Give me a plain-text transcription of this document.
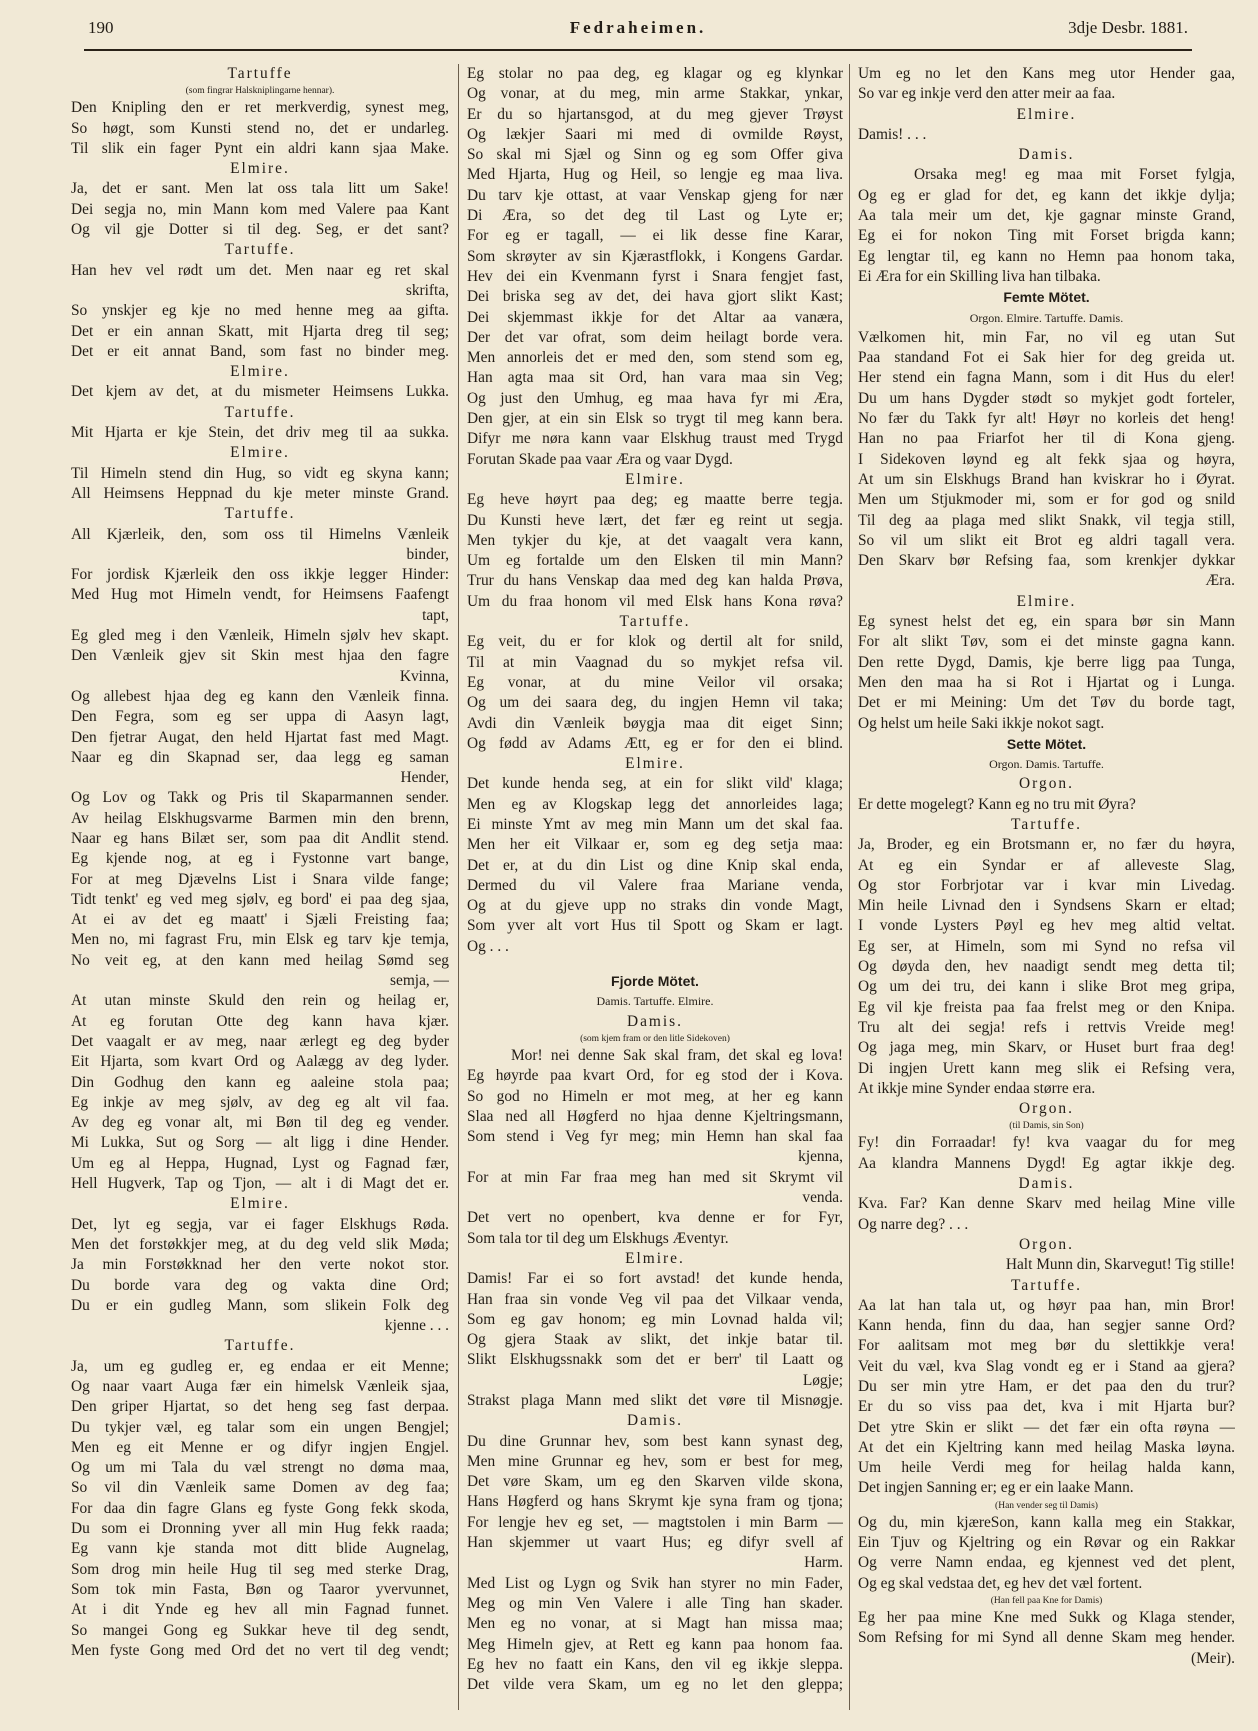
190	Fedraheimen.	3dje Desbr. 1881.
Tartuffe
(som fingrar Halskniplingarne hennar).
Den Knipling den er ret merkverdig, synest meg,
So høgt, som Kunsti stend no, det er undarleg.
Til slik ein fager Pynt ein aldri kann sjaa Make.
Elmire.
Ja, det er sant. Men lat oss tala litt um Sake!
Dei segja no, min Mann kom med Valere paa Kant
Og vil gje Dotter si til deg. Seg, er det sant?
Tartuffe.
Han hev vel rødt um det. Men naar eg ret skal
skrifta,
So ynskjer eg kje no med henne meg aa gifta.
Det er ein annan Skatt, mit Hjarta dreg til seg;
Det er eit annat Band, som fast no binder meg.
Elmire.
Det kjem av det, at du mismeter Heimsens Lukka.
Tartuffe.
Mit Hjarta er kje Stein, det driv meg til aa sukka.
Elmire.
Til Himeln stend din Hug, so vidt eg skyna kann;
All Heimsens Heppnad du kje meter minste Grand.
Tartuffe.
All Kjærleik, den, som oss til Himelns Vænleik
binder,
For jordisk Kjærleik den oss ikkje legger Hinder:
Med Hug mot Himeln vendt, for Heimsens Faafengt
tapt,
Eg gled meg i den Vænleik, Himeln sjølv hev skapt.
Den Vænleik gjev sit Skin mest hjaa den fagre
Kvinna,
Og allebest hjaa deg eg kann den Vænleik finna.
Den Fegra, som eg ser uppa di Aasyn lagt,
Den fjetrar Augat, den held Hjartat fast med Magt.
Naar eg din Skapnad ser, daa legg eg saman
Hender,
Og Lov og Takk og Pris til Skaparmannen sender.
Av heilag Elskhugsvarme Barmen min den brenn,
Naar eg hans Bilæt ser, som paa dit Andlit stend.
Eg kjende nog, at eg i Fystonne vart bange,
For at meg Djævelns List i Snara vilde fange;
Tidt tenkt' eg ved meg sjølv, eg bord' ei paa deg sjaa,
At ei av det eg maatt' i Sjæli Freisting faa;
Men no, mi fagrast Fru, min Elsk eg tarv kje temja,
No veit eg, at den kann med heilag Sømd seg
semja, —
At utan minste Skuld den rein og heilag er,
At eg forutan Otte deg kann hava kjær.
Det vaagalt er av meg, naar ærlegt eg deg byder
Eit Hjarta, som kvart Ord og Aalægg av deg lyder.
Din Godhug den kann eg aaleine stola paa;
Eg inkje av meg sjølv, av deg eg alt vil faa.
Av deg eg vonar alt, mi Bøn til deg eg vender.
Mi Lukka, Sut og Sorg — alt ligg i dine Hender.
Um eg al Heppa, Hugnad, Lyst og Fagnad fær,
Hell Hugverk, Tap og Tjon, — alt i di Magt det er.
Elmire.
Det, lyt eg segja, var ei fager Elskhugs Røda.
Men det forstøkkjer meg, at du deg veld slik Møda;
Ja min Forstøkknad her den verte nokot stor.
Du borde vara deg og vakta dine Ord;
Du er ein gudleg Mann, som slikein Folk deg
kjenne . . .
Tartuffe.
Ja, um eg gudleg er, eg endaa er eit Menne;
Og naar vaart Auga fær ein himelsk Vænleik sjaa,
Den griper Hjartat, so det heng seg fast derpaa.
Du tykjer væl, eg talar som ein ungen Bengjel;
Men eg eit Menne er og difyr ingjen Engjel.
Og um mi Tala du væl strengt no døma maa,
So vil din Vænleik same Domen av deg faa;
For daa din fagre Glans eg fyste Gong fekk skoda,
Du som ei Dronning yver all min Hug fekk raada;
Eg vann kje standa mot ditt blide Augnelag,
Som drog min heile Hug til seg med sterke Drag,
Som tok min Fasta, Bøn og Taaror yvervunnet,
At i dit Ynde eg hev all min Fagnad funnet.
So mangei Gong eg Sukkar heve til deg sendt,
Men fyste Gong med Ord det no vert til deg vendt;
Eg stolar no paa deg, eg klagar og eg klynkar
Og vonar, at du meg, min arme Stakkar, ynkar,
Er du so hjartansgod, at du meg gjever Trøyst
Og lækjer Saari mi med di ovmilde Røyst,
So skal mi Sjæl og Sinn og eg som Offer giva
Med Hjarta, Hug og Heil, so lengje eg maa liva.
Du tarv kje ottast, at vaar Venskap gjeng for nær
Di Æra, so det deg til Last og Lyte er;
For eg er tagall, — ei lik desse fine Karar,
Som skrøyter av sin Kjærastflokk, i Kongens Gardar.
Hev dei ein Kvenmann fyrst i Snara fengjet fast,
Dei briska seg av det, dei hava gjort slikt Kast;
Dei skjemmast ikkje for det Altar aa vanæra,
Der det var ofrat, som deim heilagt borde vera.
Men annorleis det er med den, som stend som eg,
Han agta maa sit Ord, han vara maa sin Veg;
Og just den Umhug, eg maa hava fyr mi Æra,
Den gjer, at ein sin Elsk so trygt til meg kann bera.
Difyr me nøra kann vaar Elskhug traust med Trygd
Forutan Skade paa vaar Æra og vaar Dygd.
Elmire.
Eg heve høyrt paa deg; eg maatte berre tegja.
Du Kunsti heve lært, det fær eg reint ut segja.
Men tykjer du kje, at det vaagalt vera kann,
Um eg fortalde um den Elsken til min Mann?
Trur du hans Venskap daa med deg kan halda Prøva,
Um du fraa honom vil med Elsk hans Kona røva?
Tartuffe.
Eg veit, du er for klok og dertil alt for snild,
Til at min Vaagnad du so mykjet refsa vil.
Eg vonar, at du mine Veilor vil orsaka;
Og um dei saara deg, du ingjen Hemn vil taka;
Avdi din Vænleik bøygja maa dit eiget Sinn;
Og fødd av Adams Ætt, eg er for den ei blind.
Elmire.
Det kunde henda seg, at ein for slikt vild' klaga;
Men eg av Klogskap legg det annorleides laga;
Ei minste Ymt av meg min Mann um det skal faa.
Men her eit Vilkaar er, som eg deg setja maa:
Det er, at du din List og dine Knip skal enda,
Dermed du vil Valere fraa Mariane venda,
Og at du gjeve upp no straks din vonde Magt,
Som yver alt vort Hus til Spott og Skam er lagt.
Og . . .
Fjorde Mötet.
Damis. Tartuffe. Elmire.
Damis.
(som kjem fram or den litle Sidekoven)
Mor! nei denne Sak skal fram, det skal eg lova!
Eg høyrde paa kvart Ord, for eg stod der i Kova.
So god no Himeln er mot meg, at her eg kann
Slaa ned all Høgferd no hjaa denne Kjeltringsmann,
Som stend i Veg fyr meg; min Hemn han skal faa
kjenna,
For at min Far fraa meg han med sit Skrymt vil
venda.
Det vert no openbert, kva denne er for Fyr,
Som tala tor til deg um Elskhugs Æventyr.
Elmire.
Damis! Far ei so fort avstad! det kunde henda,
Han fraa sin vonde Veg vil paa det Vilkaar venda,
Som eg gav honom; eg min Lovnad halda vil;
Og gjera Staak av slikt, det inkje batar til.
Slikt Elskhugssnakk som det er berr' til Laatt og
Løgje;
Strakst plaga Mann med slikt det vøre til Misnøgje.
Damis.
Du dine Grunnar hev, som best kann synast deg,
Men mine Grunnar eg hev, som er best for meg,
Det vøre Skam, um eg den Skarven vilde skona,
Hans Høgferd og hans Skrymt kje syna fram og tjona;
For lengje hev eg set, — magtstolen i min Barm —
Han skjemmer ut vaart Hus; eg difyr svell af
Harm.
Med List og Lygn og Svik han styrer no min Fader,
Meg og min Ven Valere i alle Ting han skader.
Men eg no vonar, at si Magt han missa maa;
Meg Himeln gjev, at Rett eg kann paa honom faa.
Eg hev no faatt ein Kans, den vil eg ikkje sleppa.
Det vilde vera Skam, um eg no let den gleppa;
Um eg no let den Kans meg utor Hender gaa,
So var eg inkje verd den atter meir aa faa.
Elmire.
Damis! . . .
Damis.
Orsaka meg! eg maa mit Forset fylgja,
Og eg er glad for det, eg kann det ikkje dylja;
Aa tala meir um det, kje gagnar minste Grand,
Eg ei for nokon Ting mit Forset brigda kann;
Eg lengtar til, eg kann no Hemn paa honom taka,
Ei Æra for ein Skilling liva han tilbaka.
Femte Mötet.
Orgon. Elmire. Tartuffe. Damis.
Vælkomen hit, min Far, no vil eg utan Sut
Paa standand Fot ei Sak hier for deg greida ut.
Her stend ein fagna Mann, som i dit Hus du eler!
Du um hans Dygder stødt so mykjet godt forteler,
No fær du Takk fyr alt! Høyr no korleis det heng!
Han no paa Friarfot her til di Kona gjeng.
I Sidekoven løynd eg alt fekk sjaa og høyra,
At um sin Elskhugs Brand han kviskrar ho i Øyrat.
Men um Stjukmoder mi, som er for god og snild
Til deg aa plaga med slikt Snakk, vil tegja still,
So vil um slikt eit Brot eg aldri tagall vera.
Den Skarv bør Refsing faa, som krenkjer dykkar
Æra.
Elmire.
Eg synest helst det eg, ein spara bør sin Mann
For alt slikt Tøv, som ei det minste gagna kann.
Den rette Dygd, Damis, kje berre ligg paa Tunga,
Men den maa ha si Rot i Hjartat og i Lunga.
Det er mi Meining: Um det Tøv du borde tagt,
Og helst um heile Saki ikkje nokot sagt.
Sette Mötet.
Orgon. Damis. Tartuffe.
Orgon.
Er dette mogelegt? Kann eg no tru mit Øyra?
Tartuffe.
Ja, Broder, eg ein Brotsmann er, no fær du høyra,
At eg ein Syndar er af alleveste Slag,
Og stor Forbrjotar var i kvar min Livedag.
Min heile Livnad den i Syndsens Skarn er eltad;
I vonde Lysters Pøyl eg hev meg altid veltat.
Eg ser, at Himeln, som mi Synd no refsa vil
Og døyda den, hev naadigt sendt meg detta til;
Og um dei tru, dei kann i slike Brot meg gripa,
Eg vil kje freista paa faa frelst meg or den Knipa.
Tru alt dei segja! refs i rettvis Vreide meg!
Og jaga meg, min Skarv, or Huset burt fraa deg!
Di ingjen Urett kann meg slik ei Refsing vera,
At ikkje mine Synder endaa større era.
Orgon.
(til Damis, sin Son)
Fy! din Forraadar! fy! kva vaagar du for meg
Aa klandra Mannens Dygd! Eg agtar ikkje deg.
Damis.
Kva. Far? Kan denne Skarv med heilag Mine ville
Og narre deg? . . .
Orgon.
Halt Munn din, Skarvegut! Tig stille!
Tartuffe.
Aa lat han tala ut, og høyr paa han, min Bror!
Kann henda, finn du daa, han segjer sanne Ord?
For aalitsam mot meg bør du slettikkje vera!
Veit du væl, kva Slag vondt eg er i Stand aa gjera?
Du ser min ytre Ham, er det paa den du trur?
Er du so viss paa det, kva i mit Hjarta bur?
Det ytre Skin er slikt — det fær ein ofta røyna —
At det ein Kjeltring kann med heilag Maska løyna.
Um heile Verdi meg for heilag halda kann,
Det ingjen Sanning er; eg er ein laake Mann.
(Han vender seg til Damis)
Og du, min kjæreSon, kann kalla meg ein Stakkar,
Ein Tjuv og Kjeltring og ein Røvar og ein Rakkar
Og verre Namn endaa, eg kjennest ved det plent,
Og eg skal vedstaa det, eg hev det væl fortent.
(Han fell paa Kne for Damis)
Eg her paa mine Kne med Sukk og Klaga stender,
Som Refsing for mi Synd all denne Skam meg hender.
(Meir).
